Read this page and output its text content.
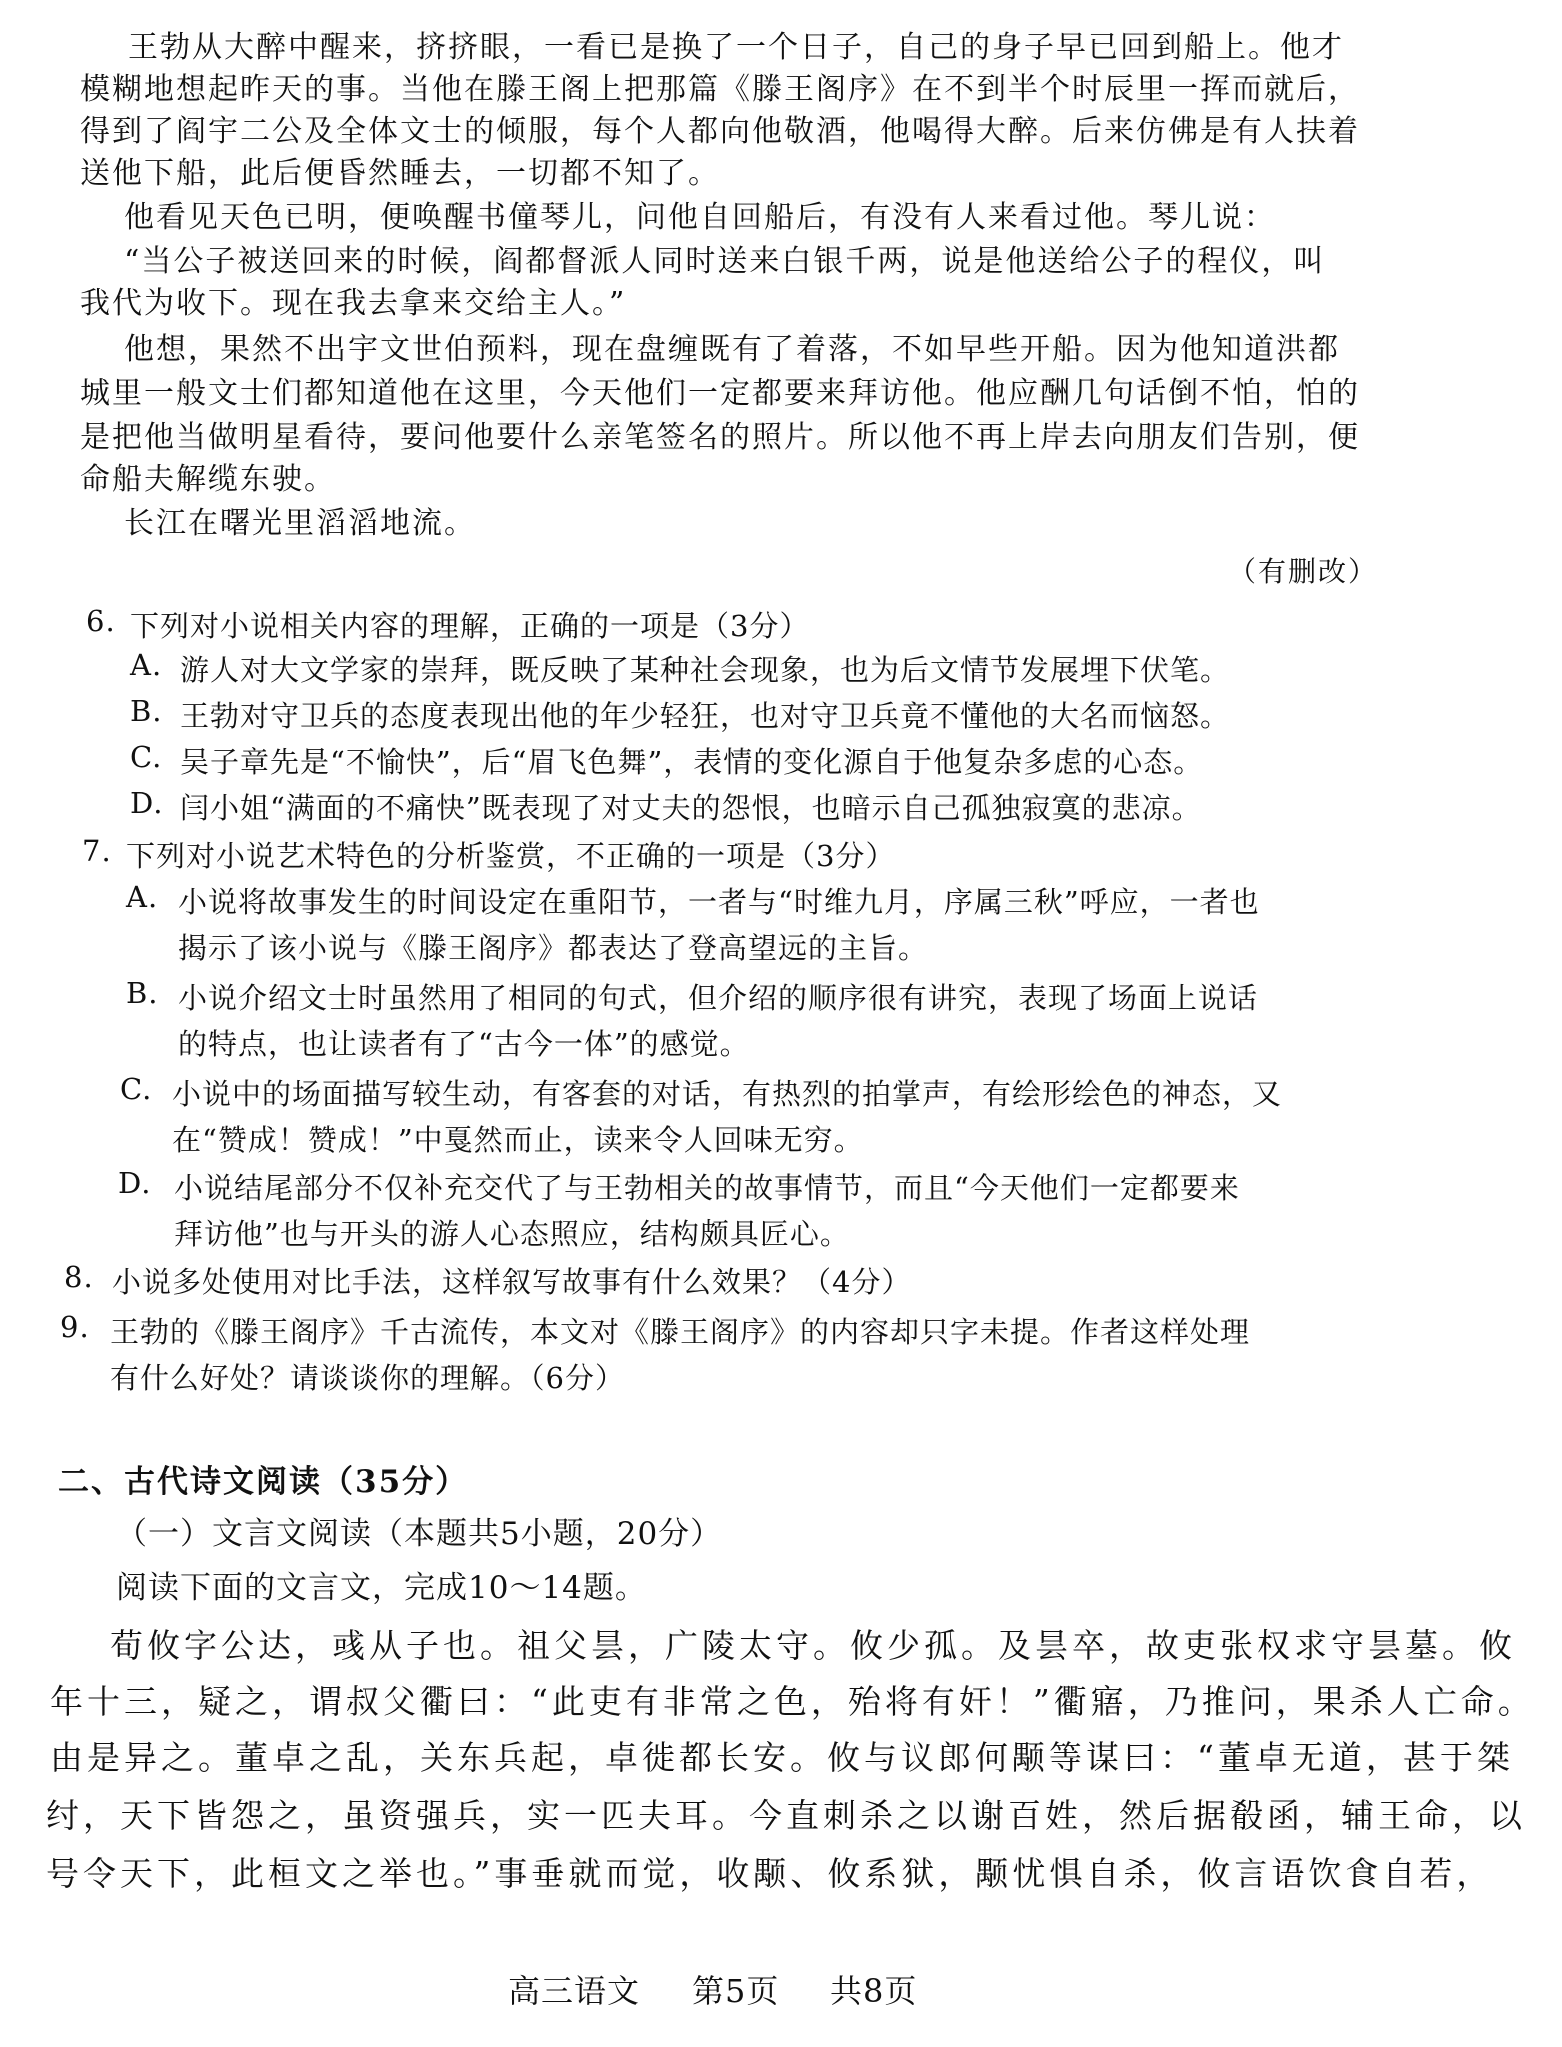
王勃从大醉中醒来，挤挤眼，一看已是换了一个日子，自己的身子早已回到船上。他才
模糊地想起昨天的事。当他在滕王阁上把那篇《滕王阁序》在不到半个时辰里一挥而就后，
得到了阎宇二公及全体文士的倾服，每个人都向他敬酒，他喝得大醉。后来仿佛是有人扶着
送他下船，此后便昏然睡去，一切都不知了。
他看见天色已明，便唤醒书僮琴儿，问他自回船后，有没有人来看过他。琴儿说：
“当公子被送回来的时候，阎都督派人同时送来白银千两，说是他送给公子的程仪，叫
我代为收下。现在我去拿来交给主人。”
他想，果然不出宇文世伯预料，现在盘缠既有了着落，不如早些开船。因为他知道洪都
城里一般文士们都知道他在这里，今天他们一定都要来拜访他。他应酬几句话倒不怕，怕的
是把他当做明星看待，要问他要什么亲笔签名的照片。所以他不再上岸去向朋友们告别，便
命船夫解缆东驶。
长江在曙光里滔滔地流。
（有删改）
6. 下列对小说相关内容的理解，正确的一项是（3分）
A. 游人对大文学家的崇拜，既反映了某种社会现象，也为后文情节发展埋下伏笔。
B. 王勃对守卫兵的态度表现出他的年少轻狂，也对守卫兵竟不懂他的大名而恼怒。
C. 吴子章先是“不愉快”，后“眉飞色舞”，表情的变化源自于他复杂多虑的心态。
D. 闫小姐“满面的不痛快”既表现了对丈夫的怨恨，也暗示自己孤独寂寞的悲凉。
7. 下列对小说艺术特色的分析鉴赏，不正确的一项是（3分）
A. 小说将故事发生的时间设定在重阳节，一者与“时维九月，序属三秋”呼应，一者也
揭示了该小说与《滕王阁序》都表达了登高望远的主旨。
B. 小说介绍文士时虽然用了相同的句式，但介绍的顺序很有讲究，表现了场面上说话
的特点，也让读者有了“古今一体”的感觉。
C. 小说中的场面描写较生动，有客套的对话，有热烈的拍掌声，有绘形绘色的神态，又
在“赞成！赞成！”中戛然而止，读来令人回味无穷。
D. 小说结尾部分不仅补充交代了与王勃相关的故事情节，而且“今天他们一定都要来
拜访他”也与开头的游人心态照应，结构颇具匠心。
8. 小说多处使用对比手法，这样叙写故事有什么效果？（4分）
9. 王勃的《滕王阁序》千古流传，本文对《滕王阁序》的内容却只字未提。作者这样处理
有什么好处？请谈谈你的理解。（6分）
二、古代诗文阅读（35分）
（一）文言文阅读（本题共5小题，20分）
阅读下面的文言文，完成10～14题。
荀攸字公达，彧从子也。祖父昙，广陵太守。攸少孤。及昙卒，故吏张权求守昙墓。攸
年十三，疑之，谓叔父衢曰：“此吏有非常之色，殆将有奸！”衢寤，乃推问，果杀人亡命。
由是异之。董卓之乱，关东兵起，卓徙都长安。攸与议郎何颙等谋曰：“董卓无道，甚于桀
纣，天下皆怨之，虽资强兵，实一匹夫耳。今直刺杀之以谢百姓，然后据殽函，辅王命，以
号令天下，此桓文之举也。”事垂就而觉，收颙、攸系狱，颙忧惧自杀，攸言语饮食自若，
高三语文 第5页 共8页
